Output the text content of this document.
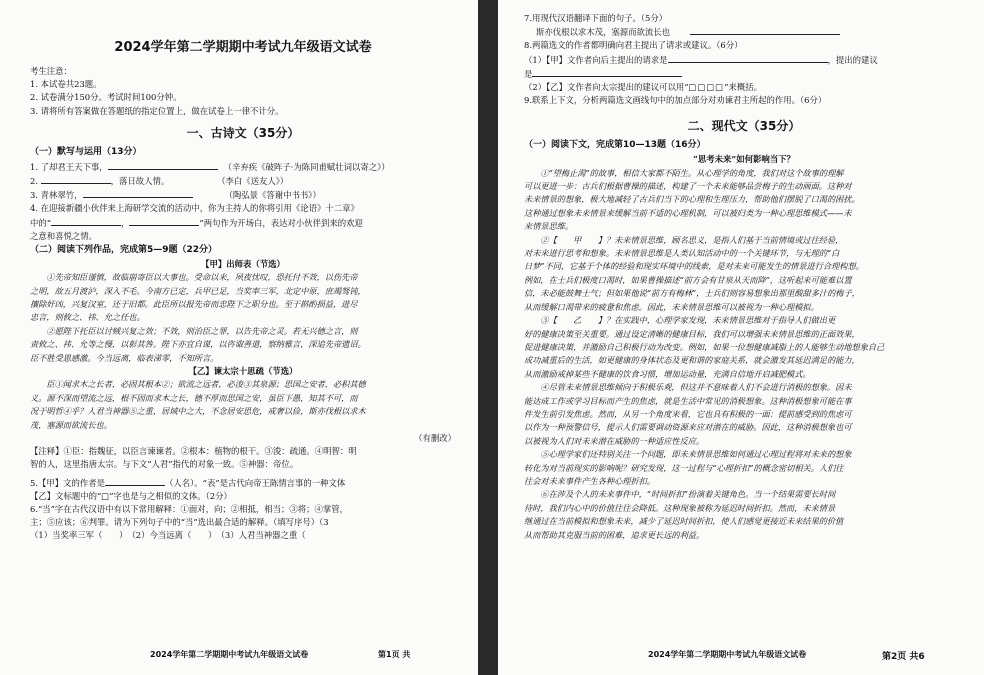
2024学年第二学期期中考试九年级语文试卷
考生注意：
1. 本试卷共23题。
2. 试卷满分150分。考试时间100分钟。
3. 请将所有答案做在答题纸的指定位置上，做在试卷上一律不计分。
一、古诗文（35分）
（一）默写与运用（13分）
1. 了却君王天下事，	（辛弃疾《破阵子·为陈同甫赋壮词以寄之》）
2.	，落日故人情。	（李白《送友人》）
3. 青林翠竹，	（陶弘景《答谢中书书》）
4. 在迎接新疆小伙伴来上海研学交流的活动中，你为主持人的你将引用《论语》十二章》
中的“	，	”两句作为开场白，表达对小伙伴到来的欢迎
之意和喜悦之情。
（二）阅读下列作品，完成第5—9题（22分）
【甲】出师表（节选）
　　①先帝知臣谨慎，故临崩寄臣以大事也。受命以来，夙夜忧叹，恐托付不效，以伤先帝
之明，故五月渡泸，深入不毛。今南方已定，兵甲已足，当奖率三军，北定中原，庶竭驽钝，
攘除奸凶，兴复汉室，还于旧都。此臣所以报先帝而忠陛下之职分也。至于斟酌损益，进尽
忠言，则攸之、祎、允之任也。
　　②愿陛下托臣以讨贼兴复之效；不效，则治臣之罪，以告先帝之灵。若无兴德之言，则
责攸之、祎、允等之慢，以彰其咎。陛下亦宜自谋，以咨诹善道，察纳雅言，深追先帝遗诏。
臣不胜受恩感激。今当远离，临表涕零，不知所言。
【乙】谏太宗十思疏（节选）
　　臣①闻求木之长者，必固其根本②；欲流之远者，必浚③其泉源；思国之安者，必积其德
义。源不深而望流之远，根不固而求木之长，德不厚而思国之安，虽臣下愚，知其不可，而
况于明哲④乎？人君当神器⑤之重，居域中之大，不念居安思危，戒奢以俭，斯亦伐根以求木
茂，塞源而欲流长也。
（有删改）
【注释】①臣：指魏征，以臣言谏谏者。②根本：植物的根干。③浚：疏通。④明智：明
智的人，这里指唐太宗。与下文“人君”指代的对象一致。⑤神器：帝位。
5.【甲】文的作者是	（人名）。“表”是古代向帝王陈情言事的一种文体
【乙】文标题中的“□”字也是与之相似的文体。（2分）
6.“当”字在古代汉语中有以下常用解释：①面对，向；②相抵，相当；③将；④掌管，
主；⑤应该；⑥判罪。请为下列句子中的“当”选出最合适的解释。（填写序号）（3
（1）当奖率三军（　　）　（2）今当远离（　　）　（3）人君当神器之重（
2024学年第二学期期中考试九年级语文试卷	第1页 共
7.用现代汉语翻译下面的句子。（5分）
斯亦伐根以求木茂，塞源而欲流长也
8.两篇选文的作者都明确向君主提出了请求或建议。（6分）
（1）【甲】文作者向后主提出的请求是	，提出的建议
是
（2）【乙】文作者向太宗提出的建议可以用“□□□□”来概括。
9.联系上下文，分析两篇选文画线句中的加点部分对劝谏君主所起的作用。（6分）
二、现代文（35分）
（一）阅读下文，完成第10—13题（16分）
“思考未来”如何影响当下？
　　①“望梅止渴”的故事，相信大家都不陌生。从心理学的角度，我们对这个故事的理解
可以更进一步：古兵们根据曹操的描述，构建了一个未来能够品尝梅子的生动画面。这种对
未来情景的想象，极大地减轻了古兵们当下的心理和生理压力，帮助他们摆脱了口渴的困扰。
这种通过想象未来情景来缓解当前不适的心理机制，可以被归类为一种心理思维模式——未
来情景思维。
　　②【　　甲　　】？未来情景思维，顾名思义，是指人们基于当前情境或过往经验，
对未来进行思考和想象。未来情景思维是人类认知活动中的一个关键环节，与无理的“白
日梦”不同，它基于个体的经验和现实环境中的线索，是对未来可能发生的情景进行合理构想。
例如，在士兵们极度口渴时，如果曹操描述“前方会有甘泉从天而降”，这听起来可能难以置
信，未必能鼓舞士气；但如果他说“前方有梅林”，士兵们则容易想象出那里酸甜多汁的梅子，
从而缓解口渴带来的疲惫和焦虑。因此，未来情景思维可以被视为一种心理模拟。
　　③【　　乙　　】？在实践中，心理学家发现，未来情景思维对于指导人们做出更
好的健康决策至关重要。通过设定清晰的健康目标，我们可以增强未来情景思维的正面效果，
促进健康决策，并激励自己积极行动为改变。例如，如果一位想健康减脂上的人能够生动地想象自己
成功减重后的生活，如更健康的身体状态及更和谐的家庭关系，就会激发其延迟满足的能力，
从而激励戒掉某些不健康的饮食习惯，增加运动量，充满自信地开启减肥模式。
　　④尽管未来情景思维倾向于积极乐观，但这并不意味着人们不会进行消极的想象。因未
能达成工作或学习目标而产生的焦虑，就是生活中常见的消极想象。这种消极想象可能在事
件发生前引发焦虑。然而，从另一个角度来看，它也具有积极的一面：提前感受到的焦虑可
以作为一种预警信号，提示人们需要调动资源来应对潜在的威胁。因此，这种消极想象也可
以被视为人们对未来潜在威胁的一种适应性反应。
　　⑤心理学家们还特别关注一个问题，即未来情景思维如何通过心理过程将对未来的想象
转化为对当前现实的影响呢？研究发现，这一过程与“心理折扣”的概念密切相关。人们往
往会对未来事件产生各种心理折扣。
　　⑥在涉及个人的未来事件中，“时间折扣”扮演着关键角色。当一个结果需要长时间
待时，我们内心中的价值往往会降低。这种现象被称为延迟时间折扣。然而，未来情景
继通过在当前模拟和想象未来，减少了延迟时间折扣，使人们感觉更接近未来结果的价值
从而帮助其克服当前的困难，追求更长远的利益。
2024学年第二学期期中考试九年级语文试卷	第2页 共6
